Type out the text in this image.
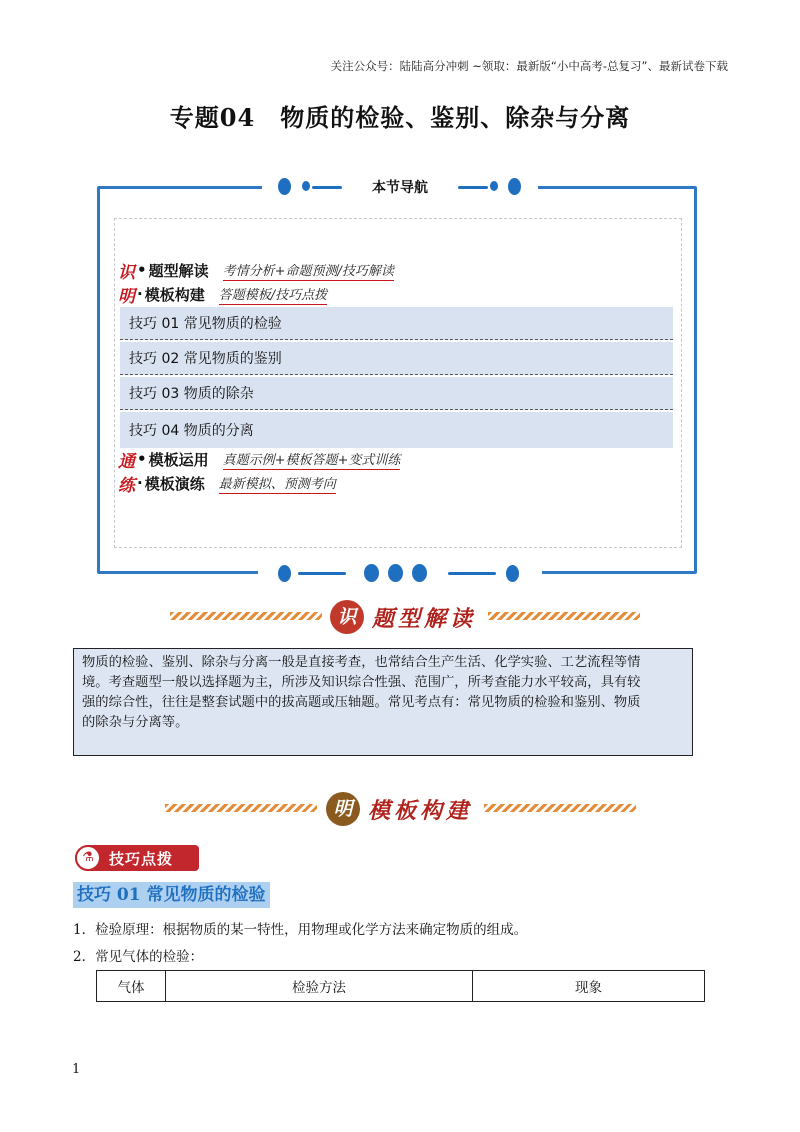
关注公众号：陆陆高分冲刺 ~领取：最新版“小中高考-总复习”、最新试卷下载
专题04　物质的检验、鉴别、除杂与分离
本节导航
识 • 题型解读 考情分析+命题预测/技巧解读
明 · 模板构建 答题模板/技巧点拨
技巧 01 常见物质的检验
技巧 02 常见物质的鉴别
技巧 03 物质的除杂
技巧 04 物质的分离
通 • 模板运用 真题示例+模板答题+变式训练
练 · 模板演练 最新模拟、预测考向
识 题型解读
物质的检验、鉴别、除杂与分离一般是直接考查，也常结合生产生活、化学实验、工艺流程等情
境。考查题型一般以选择题为主，所涉及知识综合性强、范围广，所考查能力水平较高，具有较
强的综合性，往往是整套试题中的拔高题或压轴题。常见考点有：常见物质的检验和鉴别、物质
的除杂与分离等。
明 模板构建
⚗	技巧点拨
技巧 01 常见物质的检验
1．检验原理：根据物质的某一特性，用物理或化学方法来确定物质的组成。
2．常见气体的检验：
气体	检验方法	现象
1
